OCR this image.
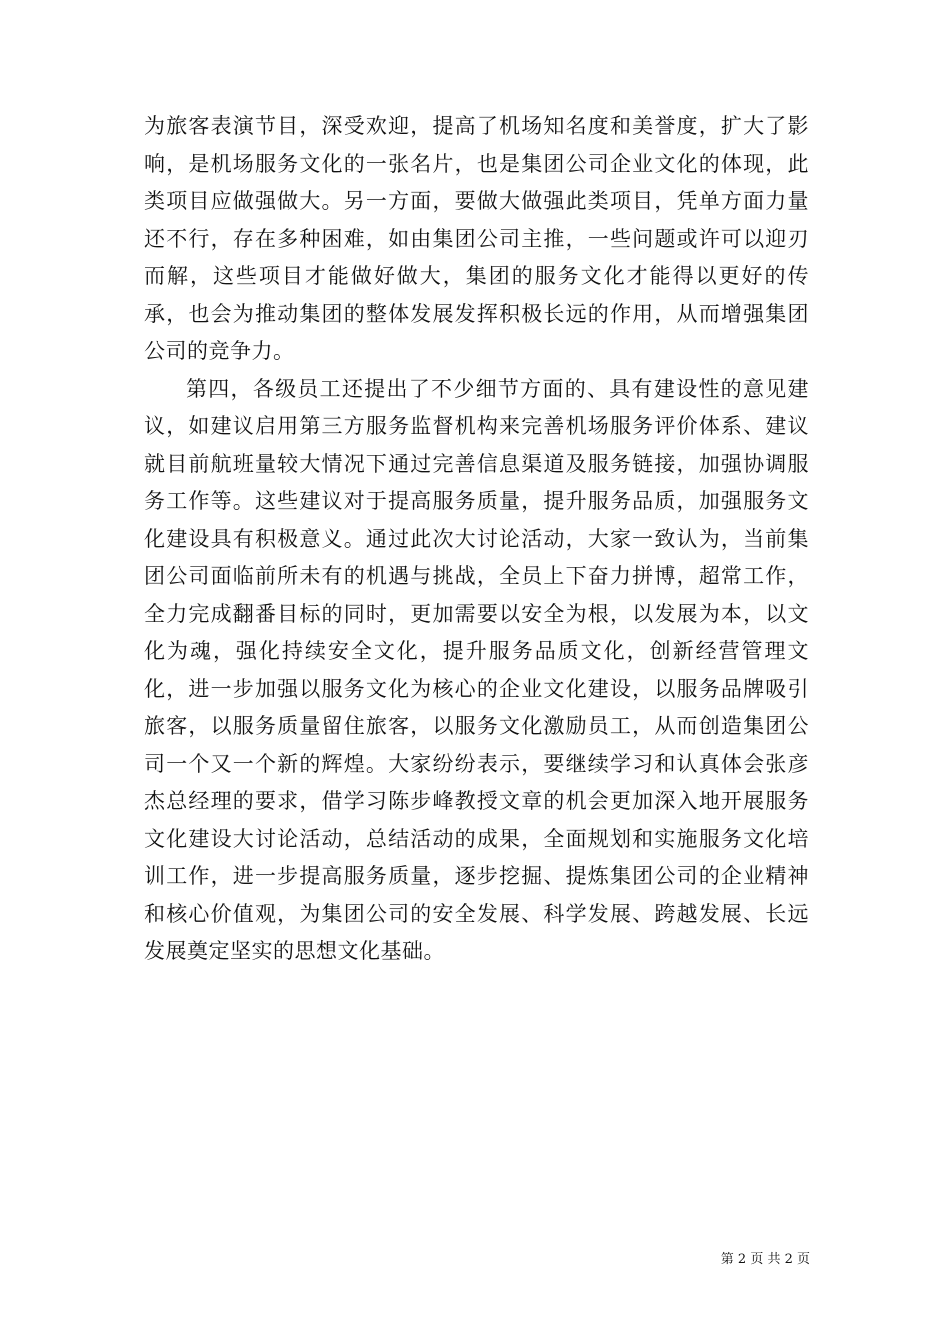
为旅客表演节目，深受欢迎，提高了机场知名度和美誉度，扩大了影响，是机场服务文化的一张名片，也是集团公司企业文化的体现，此类项目应做强做大。另一方面，要做大做强此类项目，凭单方面力量还不行，存在多种困难，如由集团公司主推，一些问题或许可以迎刃而解，这些项目才能做好做大，集团的服务文化才能得以更好的传承，也会为推动集团的整体发展发挥积极长远的作用，从而增强集团公司的竞争力。

第四，各级员工还提出了不少细节方面的、具有建设性的意见建议，如建议启用第三方服务监督机构来完善机场服务评价体系、建议就目前航班量较大情况下通过完善信息渠道及服务链接，加强协调服务工作等。这些建议对于提高服务质量，提升服务品质，加强服务文化建设具有积极意义。通过此次大讨论活动，大家一致认为，当前集团公司面临前所未有的机遇与挑战，全员上下奋力拼博，超常工作，全力完成翻番目标的同时，更加需要以安全为根，以发展为本，以文化为魂，强化持续安全文化，提升服务品质文化，创新经营管理文化，进一步加强以服务文化为核心的企业文化建设，以服务品牌吸引旅客，以服务质量留住旅客，以服务文化激励员工，从而创造集团公司一个又一个新的辉煌。大家纷纷表示，要继续学习和认真体会张彦杰总经理的要求，借学习陈步峰教授文章的机会更加深入地开展服务文化建设大讨论活动，总结活动的成果，全面规划和实施服务文化培训工作，进一步提高服务质量，逐步挖掘、提炼集团公司的企业精神和核心价值观，为集团公司的安全发展、科学发展、跨越发展、长远发展奠定坚实的思想文化基础。

第 2 页 共 2 页
